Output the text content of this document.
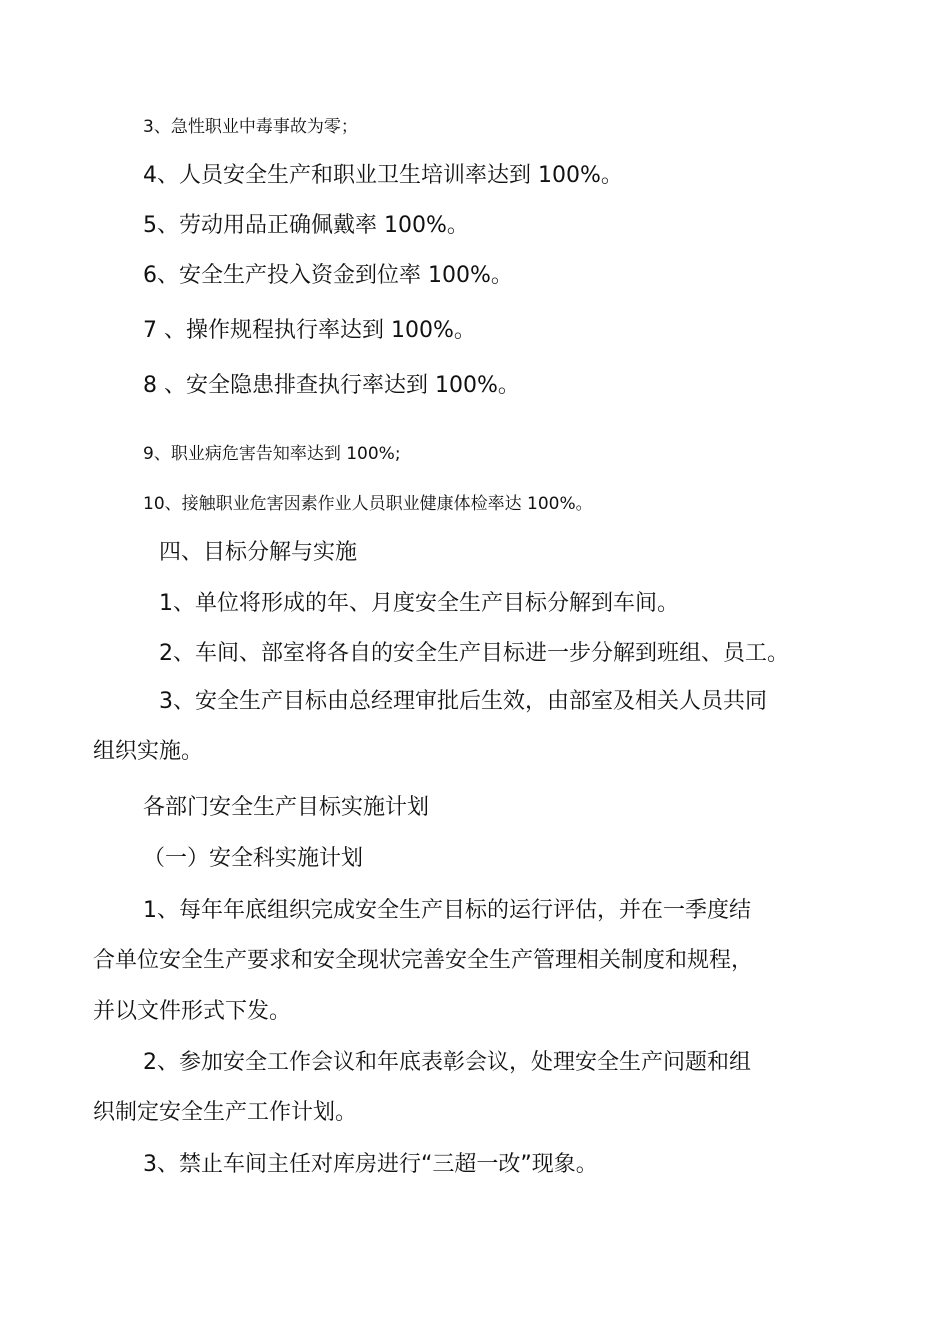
3、急性职业中毒事故为零；
4、人员安全生产和职业卫生培训率达到 100%。
5、劳动用品正确佩戴率 100%。
6、安全生产投入资金到位率 100%。
7 、操作规程执行率达到 100%。
8 、安全隐患排查执行率达到 100%。
9、职业病危害告知率达到 100%;
10、接触职业危害因素作业人员职业健康体检率达 100%。
四、目标分解与实施
1、单位将形成的年、月度安全生产目标分解到车间。
2、车间、部室将各自的安全生产目标进一步分解到班组、员工。
3、安全生产目标由总经理审批后生效，由部室及相关人员共同
组织实施。
各部门安全生产目标实施计划
（一）安全科实施计划
1、每年年底组织完成安全生产目标的运行评估，并在一季度结
合单位安全生产要求和安全现状完善安全生产管理相关制度和规程，
并以文件形式下发。
2、参加安全工作会议和年底表彰会议，处理安全生产问题和组
织制定安全生产工作计划。
3、禁止车间主任对库房进行“三超一改”现象。
